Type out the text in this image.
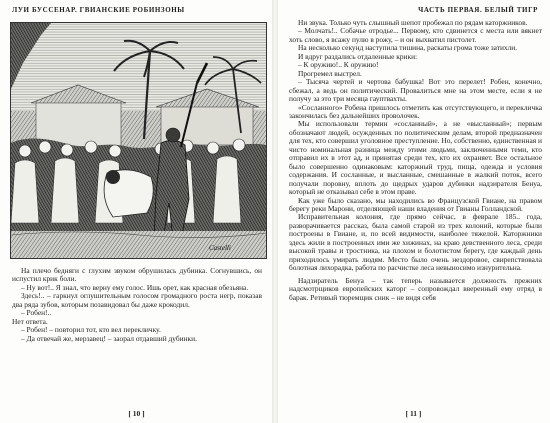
ЛУИ БУССЕНАР. ГВИАНСКИЕ РОБИНЗОНЫ
Castelli

На плечо бедняги с глухим звуком обрушилась дубинка. Согнувшись, он испустил крик боли.

– Ну вот!.. Я знал, что верну ему голос. Ишь орет, как красная обезьяна.

Здесь!.. – гаркнул оглушительным голосом громадного роста негр, показав два ряда зубов, которым позавидовал бы даже крокодил.

– Робен!..

Нет ответа.

– Робен! – повторил тот, кто вел перекличку.

– Да отвечай же, мерзавец! – заорал отдавший дубинки.

[ 10 ]
ЧАСТЬ ПЕРВАЯ. БЕЛЫЙ ТИГР

Ни звука. Только чуть слышный шепот пробежал по рядам каторжников.

– Молчать!.. Собачье отродье... Первому, кто сдвинется с места или вякнет хоть слово, я всажу пулю в рожу, – и он выхватил пистолет.

На несколько секунд наступила тишина, раскаты грома тоже затихли.

И вдруг раздались отдаленные крики:

– К оружию!.. К оружию!

Прогремел выстрел.

– Тысяча чертей и чертова бабушка! Вот это перелет! Робен, конечно, сбежал, а ведь он политический. Провалиться мне на этом месте, если я не получу за это три месяца гауптвахты.

«Сосланного» Робена пришлось отметить как отсутствующего, и перекличка закончилась без дальнейших проволочек.

Мы использовали термин «сосланный», а не «высланный»; первым обозначают людей, осужденных по политическим делам, второй предназначен для тех, кто совершил уголовное преступление. Но, собственно, единственная и чисто номинальная разница между этими людьми, заключенными теми, кто отправил их в этот ад, и принятая среди тех, кто их охраняет. Все остальное было совершенно одинаковым: каторжный труд, пища, одежда и условия содержания. И сосланные, и высланные, смешанные в жалкий поток, всего получали поровну, вплоть до щедрых ударов дубинки надзирателя Бенуа, который не отказывал себе в этом праве.

Как уже было сказано, мы находились во Французской Гвиане, на правом берегу реки Марони, отделяющей наши владения от Гвианы Голландской.

Исправительная колония, где прямо сейчас, в феврале 185.. года, разворачивается рассказ, была самой старой из трех колоний, которые были построены в Гвиане, и, по всей видимости, наиболее тяжелой. Каторжники здесь жили в построенных ими же хижинах, на краю девственного леса, среди высокой травы и тростника, на плохом и болотистом берегу, где каждый день приходилось умирать людям. Место было очень нездоровое, свирепствовала болотная лихорадка, работа по расчистке леса невыносимо изнурительна.

Надзиратель Бенуа – так теперь называется должность прежних надсмотрщиков европейских каторг – сопровождал вверенный ему отряд в барак. Ретивый тюремщик сник – не видя себя

[ 11 ]
